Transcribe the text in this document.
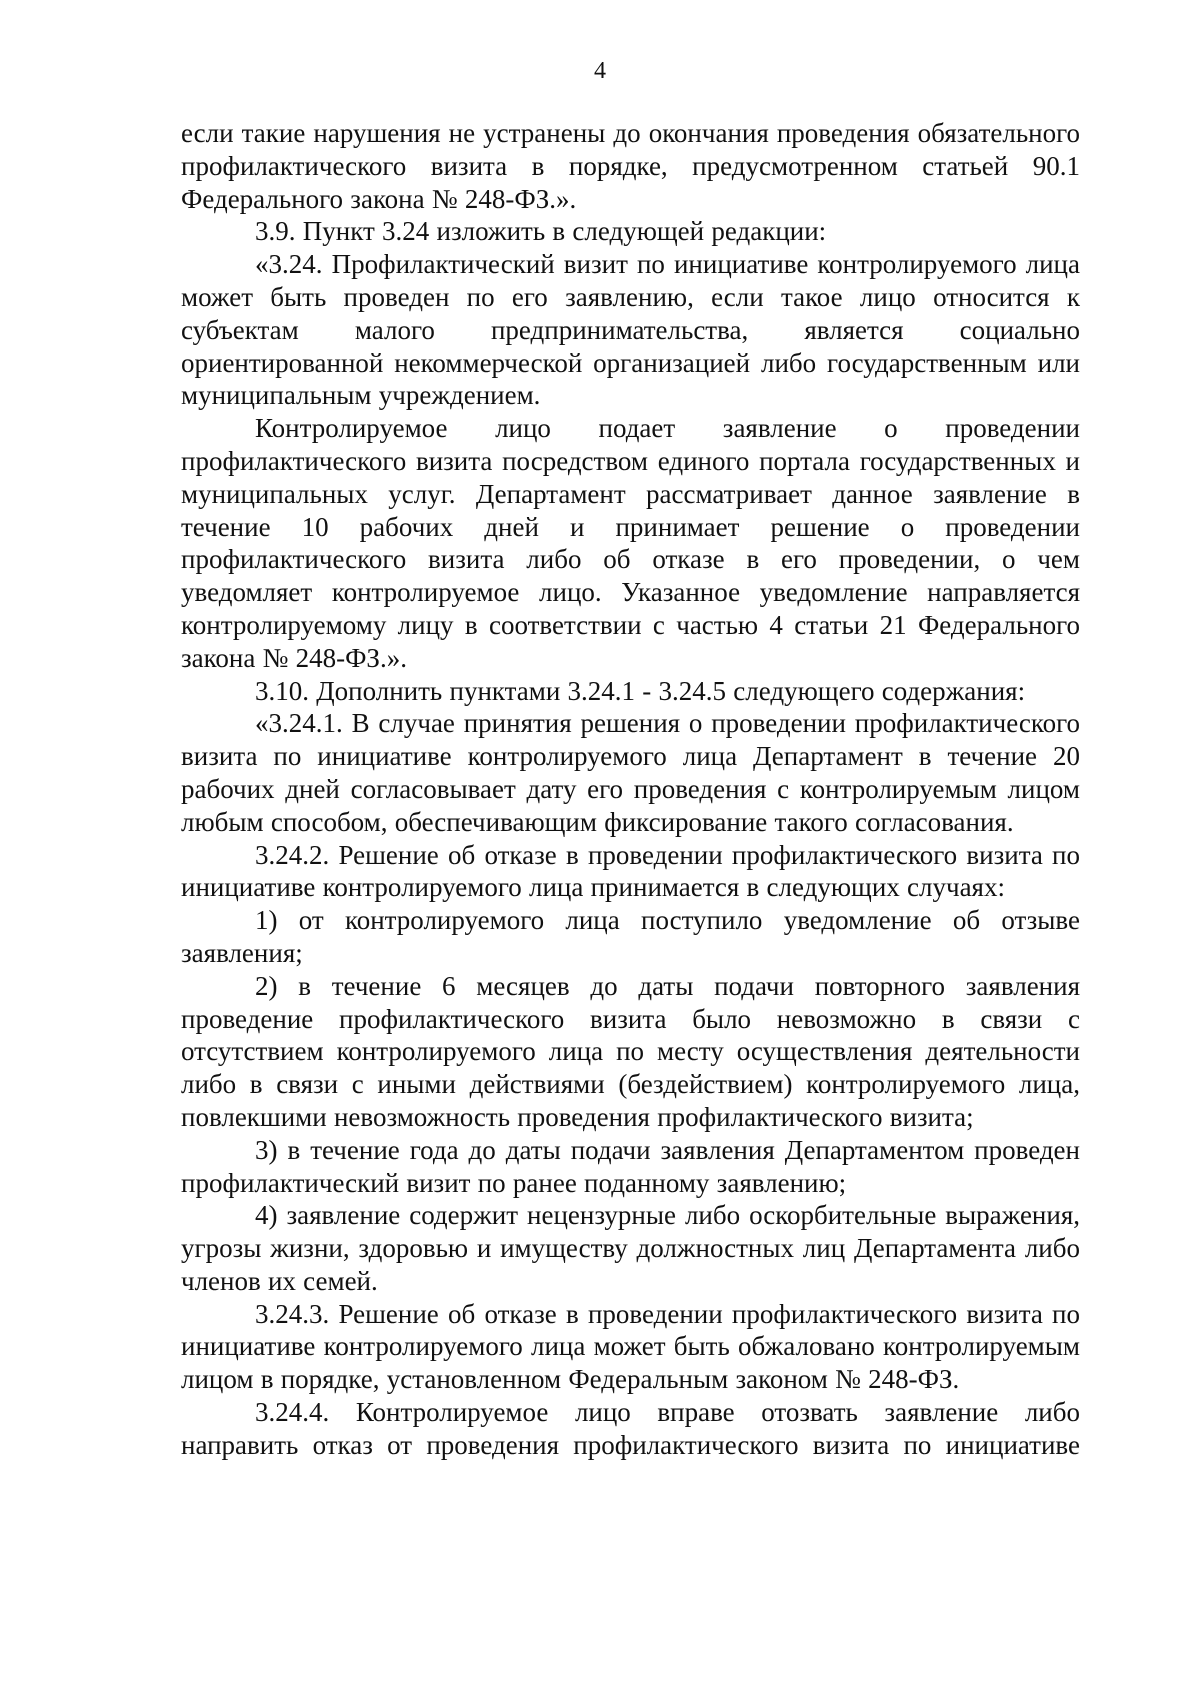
4

если такие нарушения не устранены до окончания проведения обязательного профилактического визита в порядке, предусмотренном статьей 90.1 Федерального закона № 248-ФЗ.».

3.9. Пункт 3.24 изложить в следующей редакции:

«3.24. Профилактический визит по инициативе контролируемого лица может быть проведен по его заявлению, если такое лицо относится к субъектам малого предпринимательства, является социально ориентированной некоммерческой организацией либо государственным или муниципальным учреждением.

Контролируемое лицо подает заявление о проведении профилактического визита посредством единого портала государственных и муниципальных услуг. Департамент рассматривает данное заявление в течение 10 рабочих дней и принимает решение о проведении профилактического визита либо об отказе в его проведении, о чем уведомляет контролируемое лицо. Указанное уведомление направляется контролируемому лицу в соответствии с частью 4 статьи 21 Федерального закона № 248-ФЗ.».

3.10. Дополнить пунктами 3.24.1 - 3.24.5 следующего содержания:

«3.24.1. В случае принятия решения о проведении профилактического визита по инициативе контролируемого лица Департамент в течение 20 рабочих дней согласовывает дату его проведения с контролируемым лицом любым способом, обеспечивающим фиксирование такого согласования.

3.24.2. Решение об отказе в проведении профилактического визита по инициативе контролируемого лица принимается в следующих случаях:

1) от контролируемого лица поступило уведомление об отзыве заявления;

2) в течение 6 месяцев до даты подачи повторного заявления проведение профилактического визита было невозможно в связи с отсутствием контролируемого лица по месту осуществления деятельности либо в связи с иными действиями (бездействием) контролируемого лица, повлекшими невозможность проведения профилактического визита;

3) в течение года до даты подачи заявления Департаментом проведен профилактический визит по ранее поданному заявлению;

4) заявление содержит нецензурные либо оскорбительные выражения, угрозы жизни, здоровью и имуществу должностных лиц Департамента либо членов их семей.

3.24.3. Решение об отказе в проведении профилактического визита по инициативе контролируемого лица может быть обжаловано контролируемым лицом в порядке, установленном Федеральным законом № 248-ФЗ.

3.24.4. Контролируемое лицо вправе отозвать заявление либо направить отказ от проведения профилактического визита по инициативе
